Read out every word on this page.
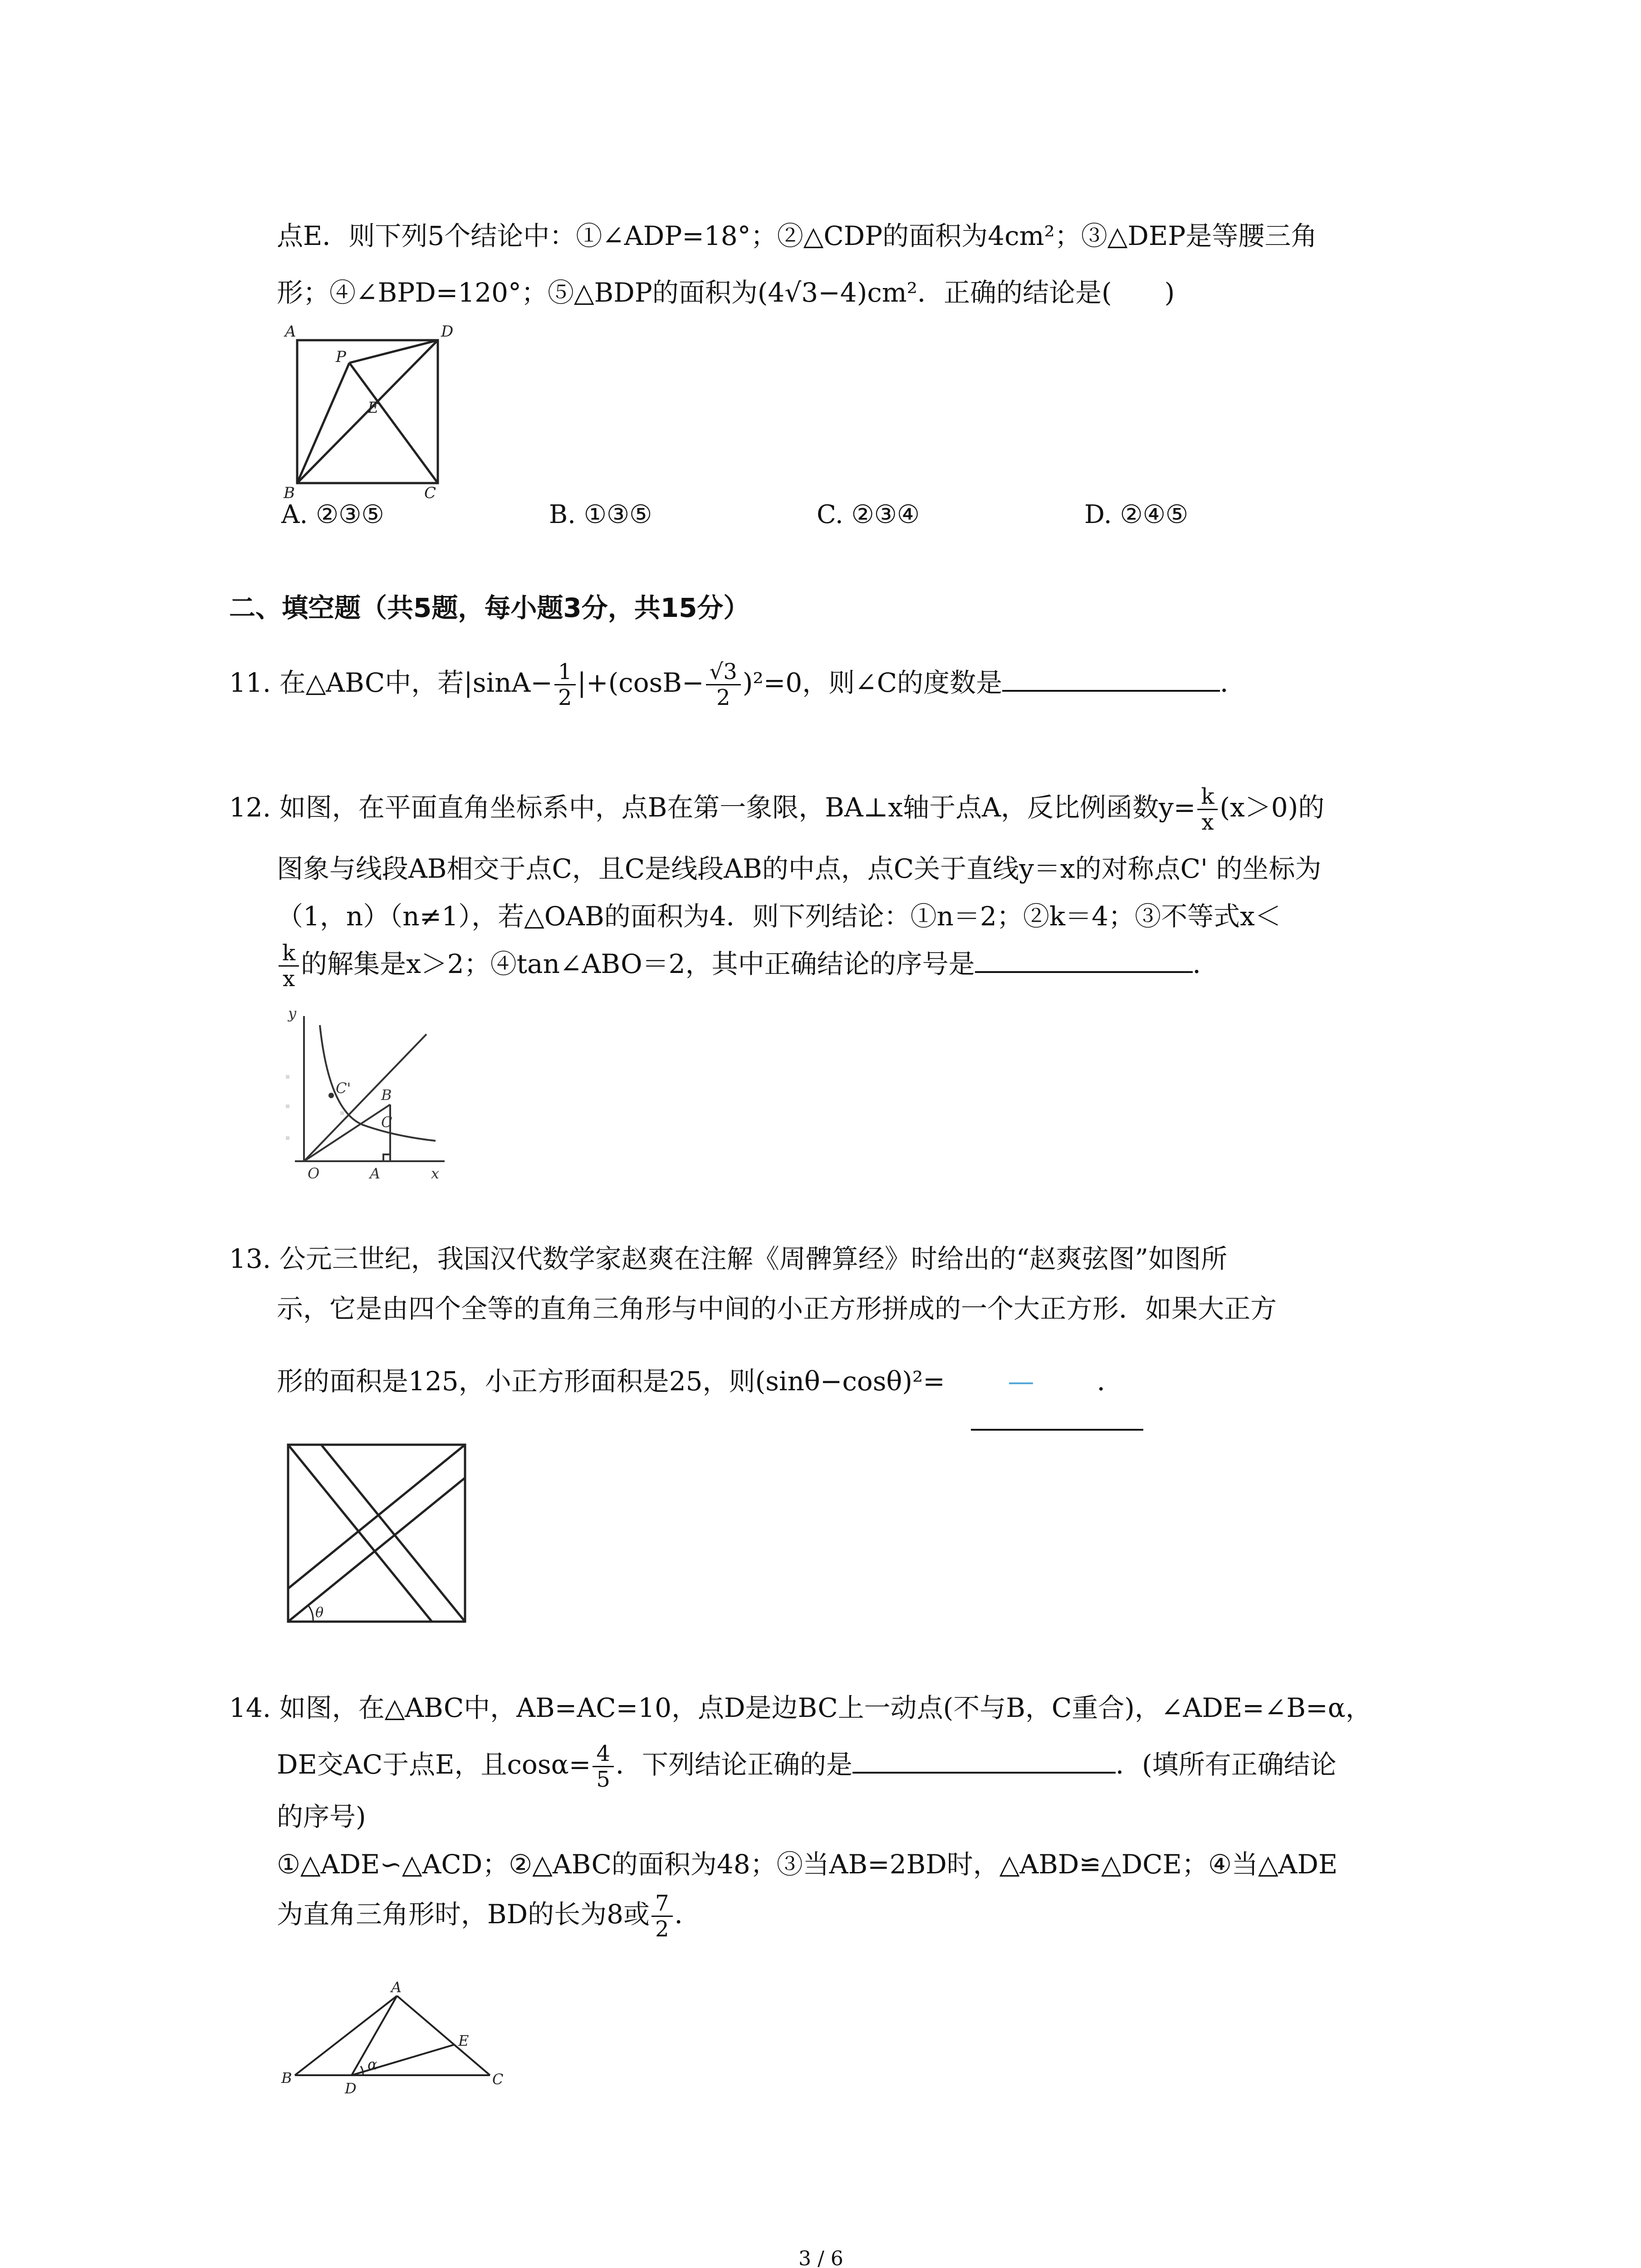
点E．则下列5个结论中：①∠ADP=18°；②△CDP的面积为4cm²；③△DEP是等腰三角
形；④∠BPD=120°；⑤△BDP的面积为(4√3−4)cm²．正确的结论是(　　)
A	D
P
E
B	C
A. ②③⑤	B. ①③⑤	C. ②③④	D. ②④⑤
二、填空题（共5题，每小题3分，共15分）
11. 在△ABC中，若$|\sin A- \frac{1}{2} |+(\cos B- \frac{√3}{2} )^2=0$，则∠C的度数是	．
12. 如图，在平面直角坐标系中，点B在第一象限，BA⊥x轴于点A，反比例函数$y= \frac{k}{x} (x>0)$的
图象与线段AB相交于点C，且C是线段AB的中点，点C关于直线y＝x的对称点C' 的坐标为
（1，n）（n≠1），若△OAB的面积为4．则下列结论：①n＝2；②k＝4；③不等式x＜
$\frac{k}{x}$ 的解集是x＞2；④tan∠ABO＝2，其中正确结论的序号是	．
y
C' B
C
O	A	x
13. 公元三世纪，我国汉代数学家赵爽在注解《周髀算经》时给出的“赵爽弦图”如图所
示，它是由四个全等的直角三角形与中间的小正方形拼成的一个大正方形．如果大正方
形的面积是125，小正方形面积是25，则(sinθ−cosθ)²= — ．
θ
14. 如图，在△ABC中，AB=AC=10，点D是边BC上一动点(不与B，C重合)，∠ADE=∠B=α，
DE交AC于点E，且$\cos\alpha= \frac{4}{5}$ ．下列结论正确的是	．(填所有正确结论
的序号)
①△ADE∽△ACD；②△ABC的面积为48；③当AB=2BD时，△ABD≌△DCE；④当△ADE
为直角三角形时，BD的长为8或 $\frac{7}{2}$ ．
A
E
α
B
D
C
3 / 6
